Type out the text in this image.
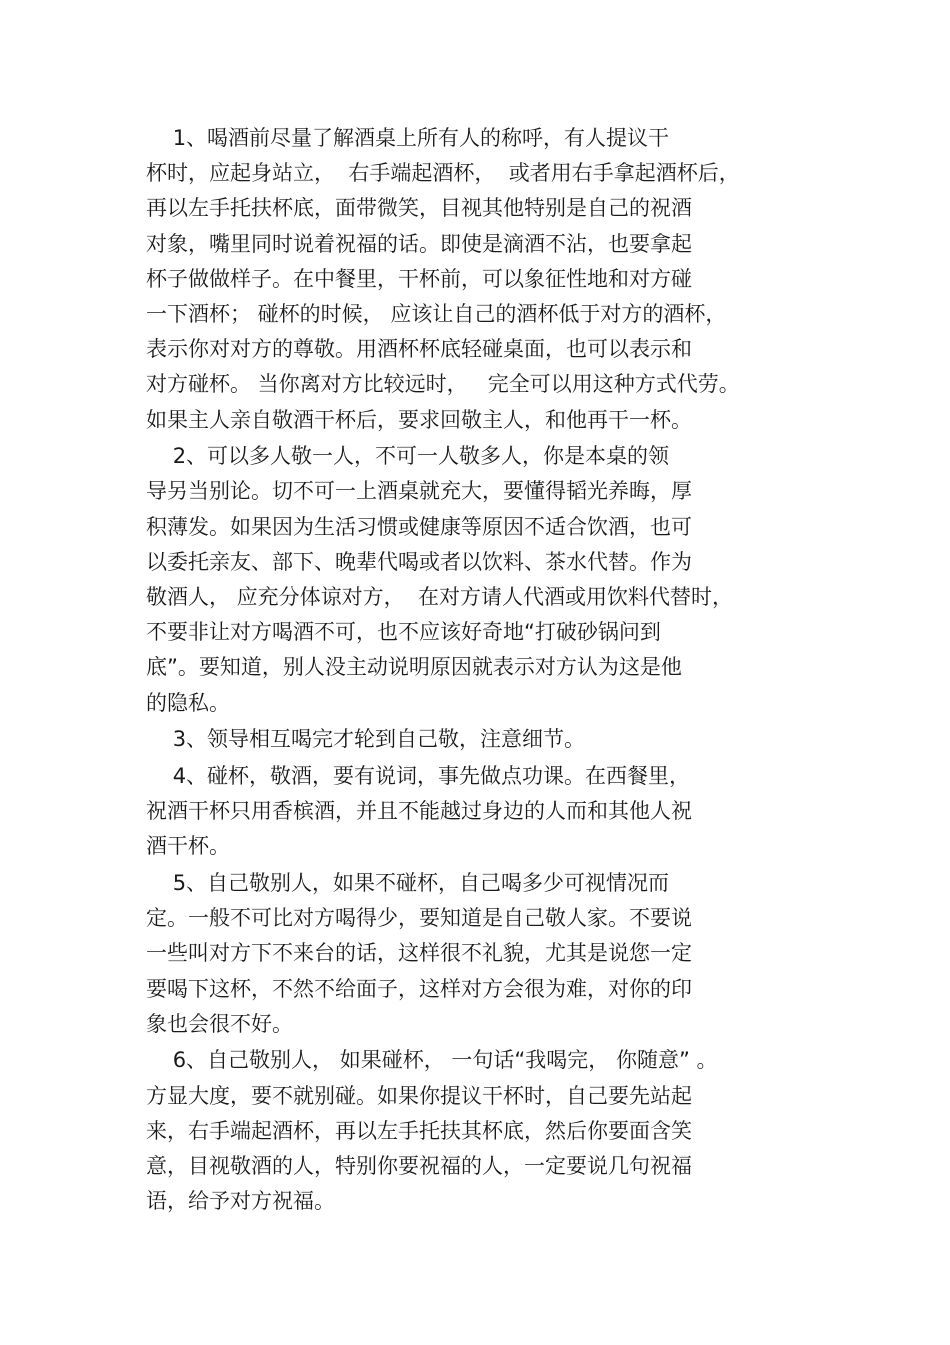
1、喝酒前尽量了解酒桌上所有人的称呼，有人提议干
杯时，应起身站立，  右手端起酒杯，  或者用右手拿起酒杯后，
再以左手托扶杯底，面带微笑，目视其他特别是自己的祝酒
对象，嘴里同时说着祝福的话。即使是滴酒不沾，也要拿起
杯子做做样子。在中餐里，干杯前，可以象征性地和对方碰
一下酒杯； 碰杯的时候， 应该让自己的酒杯低于对方的酒杯，
表示你对对方的尊敬。用酒杯杯底轻碰桌面，也可以表示和
对方碰杯。 当你离对方比较远时，   完全可以用这种方式代劳。
如果主人亲自敬酒干杯后，要求回敬主人，和他再干一杯。
2、可以多人敬一人，不可一人敬多人，你是本桌的领
导另当别论。切不可一上酒桌就充大，要懂得韬光养晦，厚
积薄发。如果因为生活习惯或健康等原因不适合饮酒，也可
以委托亲友、部下、晚辈代喝或者以饮料、茶水代替。作为
敬酒人， 应充分体谅对方，  在对方请人代酒或用饮料代替时，
不要非让对方喝酒不可，也不应该好奇地“打破砂锅问到
底”。要知道，别人没主动说明原因就表示对方认为这是他
的隐私。
3、领导相互喝完才轮到自己敬，注意细节。
4、碰杯，敬酒，要有说词，事先做点功课。在西餐里，
祝酒干杯只用香槟酒，并且不能越过身边的人而和其他人祝
酒干杯。
5、自己敬别人，如果不碰杯，自己喝多少可视情况而
定。一般不可比对方喝得少，要知道是自己敬人家。不要说
一些叫对方下不来台的话，这样很不礼貌，尤其是说您一定
要喝下这杯，不然不给面子，这样对方会很为难，对你的印
象也会很不好。
6、自己敬别人， 如果碰杯， 一句话“我喝完， 你随意” 。
方显大度，要不就别碰。如果你提议干杯时，自己要先站起
来，右手端起酒杯，再以左手托扶其杯底，然后你要面含笑
意，目视敬酒的人，特别你要祝福的人，一定要说几句祝福
语，给予对方祝福。
